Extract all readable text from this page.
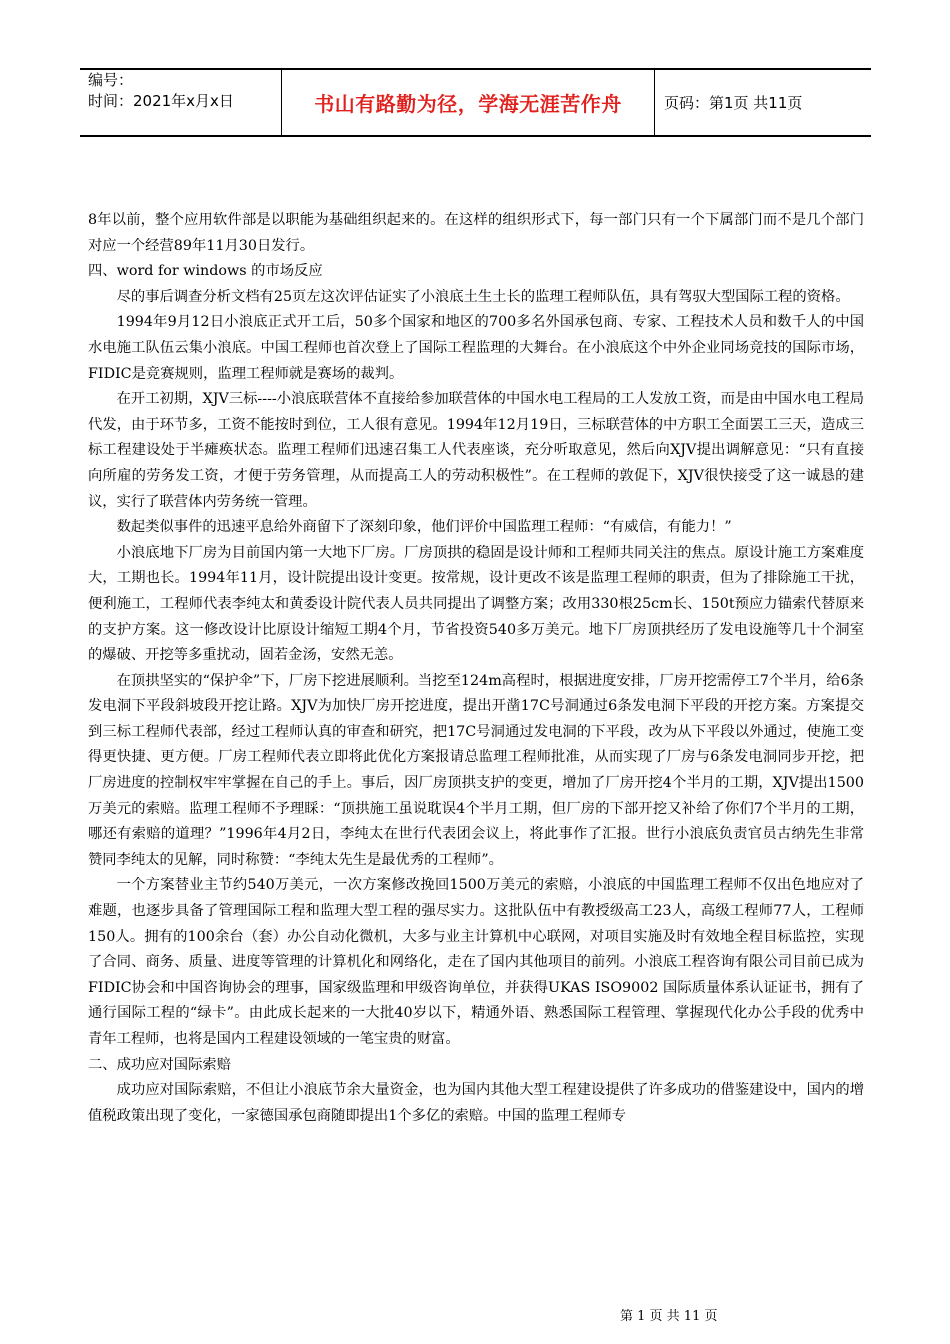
编号：
时间：2021年x月x日	书山有路勤为径，学海无涯苦作舟	页码：第1页 共11页

8年以前，整个应用软件部是以职能为基础组织起来的。在这样的组织形式下，每一部门只有一个下属部门而不是几个部门对应一个经营89年11月30日发行。

四、word for windows 的市场反应

尽的事后调查分析文档有25页左这次评估证实了小浪底土生土长的监理工程师队伍，具有驾驭大型国际工程的资格。

1994年9月12日小浪底正式开工后，50多个国家和地区的700多名外国承包商、专家、工程技术人员和数千人的中国水电施工队伍云集小浪底。中国工程师也首次登上了国际工程监理的大舞台。在小浪底这个中外企业同场竞技的国际市场，FIDIC是竞赛规则，监理工程师就是赛场的裁判。

在开工初期，XJV三标----小浪底联营体不直接给参加联营体的中国水电工程局的工人发放工资，而是由中国水电工程局代发，由于环节多，工资不能按时到位，工人很有意见。1994年12月19日，三标联营体的中方职工全面罢工三天，造成三标工程建设处于半瘫痪状态。监理工程师们迅速召集工人代表座谈，充分听取意见，然后向XJV提出调解意见：“只有直接向所雇的劳务发工资，才便于劳务管理，从而提高工人的劳动积极性”。在工程师的敦促下，XJV很快接受了这一诚恳的建议，实行了联营体内劳务统一管理。

数起类似事件的迅速平息给外商留下了深刻印象，他们评价中国监理工程师：“有威信，有能力！”

小浪底地下厂房为目前国内第一大地下厂房。厂房顶拱的稳固是设计师和工程师共同关注的焦点。原设计施工方案难度大，工期也长。1994年11月，设计院提出设计变更。按常规，设计更改不该是监理工程师的职责，但为了排除施工干扰，便利施工，工程师代表李纯太和黄委设计院代表人员共同提出了调整方案；改用330根25cm长、150t预应力锚索代替原来的支护方案。这一修改设计比原设计缩短工期4个月，节省投资540多万美元。地下厂房顶拱经历了发电设施等几十个洞室的爆破、开挖等多重扰动，固若金汤，安然无恙。

在顶拱坚实的“保护伞”下，厂房下挖进展顺利。当挖至124m高程时，根据进度安排，厂房开挖需停工7个半月，给6条发电洞下平段斜坡段开挖让路。XJV为加快厂房开挖进度，提出开凿17C号洞通过6条发电洞下平段的开挖方案。方案提交到三标工程师代表部，经过工程师认真的审查和研究，把17C号洞通过发电洞的下平段，改为从下平段以外通过，使施工变得更快捷、更方便。厂房工程师代表立即将此优化方案报请总监理工程师批准，从而实现了厂房与6条发电洞同步开挖，把厂房进度的控制权牢牢掌握在自己的手上。事后，因厂房顶拱支护的变更，增加了厂房开挖4个半月的工期，XJV提出1500万美元的索赔。监理工程师不予理睬：“顶拱施工虽说耽误4个半月工期，但厂房的下部开挖又补给了你们7个半月的工期，哪还有索赔的道理？”1996年4月2日，李纯太在世行代表团会议上，将此事作了汇报。世行小浪底负责官员古纳先生非常赞同李纯太的见解，同时称赞：“李纯太先生是最优秀的工程师”。

一个方案替业主节约540万美元，一次方案修改挽回1500万美元的索赔，小浪底的中国监理工程师不仅出色地应对了难题，也逐步具备了管理国际工程和监理大型工程的强尽实力。这批队伍中有教授级高工23人，高级工程师77人，工程师150人。拥有的100余台（套）办公自动化微机，大多与业主计算机中心联网，对项目实施及时有效地全程目标监控，实现了合同、商务、质量、进度等管理的计算机化和网络化，走在了国内其他项目的前列。小浪底工程咨询有限公司目前已成为FIDIC协会和中国咨询协会的理事，国家级监理和甲级咨询单位，并获得UKAS ISO9002 国际质量体系认证证书，拥有了通行国际工程的“绿卡”。由此成长起来的一大批40岁以下，精通外语、熟悉国际工程管理、掌握现代化办公手段的优秀中青年工程师，也将是国内工程建设领域的一笔宝贵的财富。

二、成功应对国际索赔

成功应对国际索赔，不但让小浪底节余大量资金，也为国内其他大型工程建设提供了许多成功的借鉴建设中，国内的增值税政策出现了变化，一家德国承包商随即提出1个多亿的索赔。中国的监理工程师专

第 1 页 共 11 页
